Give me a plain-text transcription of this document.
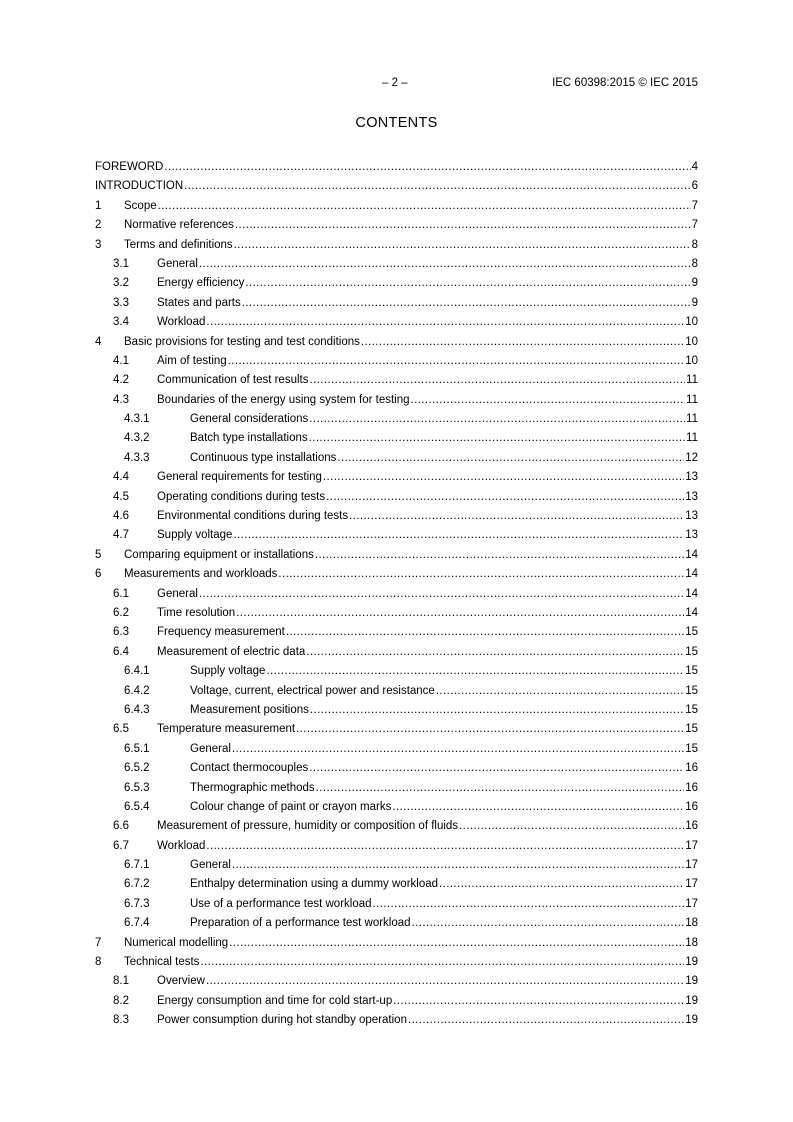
– 2 –	IEC 60398:2015 © IEC 2015
CONTENTS
FOREWORD .....	4
INTRODUCTION .....	6
1	Scope .....	7
2	Normative references .....	7
3	Terms and definitions .....	8
3.1	General .....	8
3.2	Energy efficiency .....	9
3.3	States and parts .....	9
3.4	Workload .....	10
4	Basic provisions for testing and test conditions .....	10
4.1	Aim of testing .....	10
4.2	Communication of test results .....	11
4.3	Boundaries of the energy using system for testing .....	11
4.3.1	General considerations .....	11
4.3.2	Batch type installations .....	11
4.3.3	Continuous type installations .....	12
4.4	General requirements for testing .....	13
4.5	Operating conditions during tests .....	13
4.6	Environmental conditions during tests .....	13
4.7	Supply voltage .....	13
5	Comparing equipment or installations .....	14
6	Measurements and workloads .....	14
6.1	General .....	14
6.2	Time resolution .....	14
6.3	Frequency measurement .....	15
6.4	Measurement of electric data .....	15
6.4.1	Supply voltage .....	15
6.4.2	Voltage, current, electrical power and resistance .....	15
6.4.3	Measurement positions .....	15
6.5	Temperature measurement .....	15
6.5.1	General .....	15
6.5.2	Contact thermocouples .....	16
6.5.3	Thermographic methods .....	16
6.5.4	Colour change of paint or crayon marks .....	16
6.6	Measurement of pressure, humidity or composition of fluids .....	16
6.7	Workload .....	17
6.7.1	General .....	17
6.7.2	Enthalpy determination using a dummy workload .....	17
6.7.3	Use of a performance test workload .....	17
6.7.4	Preparation of a performance test workload .....	18
7	Numerical modelling .....	18
8	Technical tests .....	19
8.1	Overview .....	19
8.2	Energy consumption and time for cold start-up .....	19
8.3	Power consumption during hot standby operation .....	19
